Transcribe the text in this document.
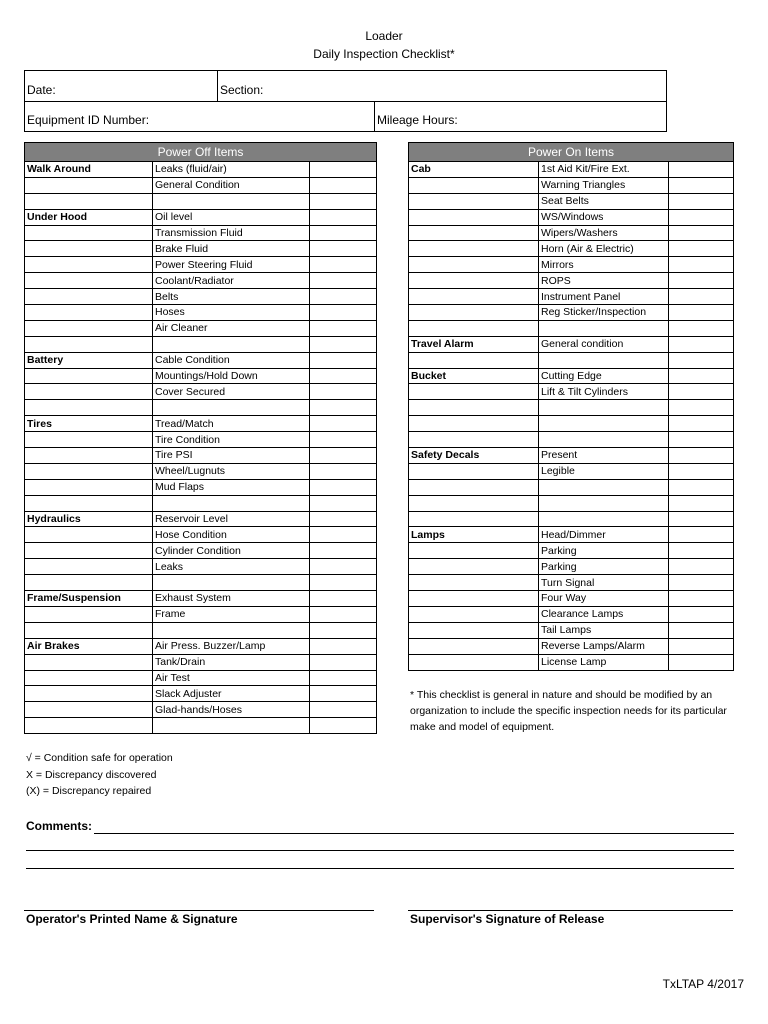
Loader
Daily Inspection Checklist*
Date:	Section:
Equipment ID Number:	Mileage Hours:
Power Off Items		
Walk Around	Leaks (fluid/air)	
	General Condition	

Under Hood	Oil level	
	Transmission Fluid	
	Brake Fluid	
	Power Steering Fluid	
	Coolant/Radiator	
	Belts	
	Hoses	
	Air Cleaner	

Battery	Cable Condition	
	Mountings/Hold Down	
	Cover Secured	

Tires	Tread/Match	
	Tire Condition	
	Tire PSI	
	Wheel/Lugnuts	
	Mud Flaps	

Hydraulics	Reservoir Level	
	Hose Condition	
	Cylinder Condition	
	Leaks	

Frame/Suspension	Exhaust System	
	Frame	

Air Brakes	Air Press. Buzzer/Lamp	
	Tank/Drain	
	Air Test	
	Slack Adjuster	
	Glad-hands/Hoses	

Power On Items		
Cab	1st Aid Kit/Fire Ext.	
	Warning Triangles	
	Seat Belts	
	WS/Windows	
	Wipers/Washers	
	Horn (Air & Electric)	
	Mirrors	
	ROPS	
	Instrument Panel	
	Reg Sticker/Inspection	

Travel Alarm	General condition	

Bucket	Cutting Edge	
	Lift & Tilt Cylinders	

Safety Decals	Present	
	Legible	

Lamps	Head/Dimmer	
	Parking	
	Parking	
	Turn Signal	
	Four Way	
	Clearance Lamps	
	Tail Lamps	
	Reverse Lamps/Alarm	
	License Lamp	
* This checklist is general in nature and should be modified by an organization to include the specific inspection needs for its particular make and model of equipment.
√ = Condition safe for operation
X = Discrepancy discovered
(X) = Discrepancy repaired
Comments:
Operator's Printed Name & Signature	Supervisor's Signature of Release
TxLTAP 4/2017
